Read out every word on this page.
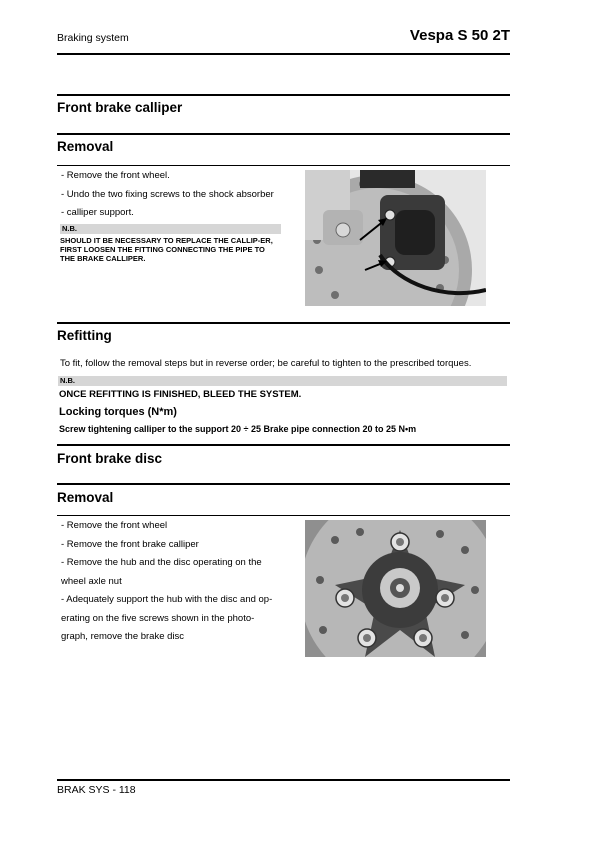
Braking system	Vespa S 50 2T
Front brake calliper
Removal
- Remove the front wheel.
- Undo the two fixing screws to the shock absorber
- calliper support.
N.B.
SHOULD IT BE NECESSARY TO REPLACE THE CALLIP-ER, FIRST LOOSEN THE FITTING CONNECTING THE PIPE TO THE BRAKE CALLIPER.
Refitting
To fit, follow the removal steps but in reverse order; be careful to tighten to the prescribed torques.
N.B.
ONCE REFITTING IS FINISHED, BLEED THE SYSTEM.
Locking torques (N*m)
Screw tightening calliper to the support 20 ÷ 25 Brake pipe connection 20 to 25 N•m
Front brake disc
Removal
- Remove the front wheel
- Remove the front brake calliper
- Remove the hub and the disc operating on the
wheel axle nut
- Adequately support the hub with the disc and op-
erating on the five screws shown in the photo-
graph, remove the brake disc
BRAK SYS - 118
